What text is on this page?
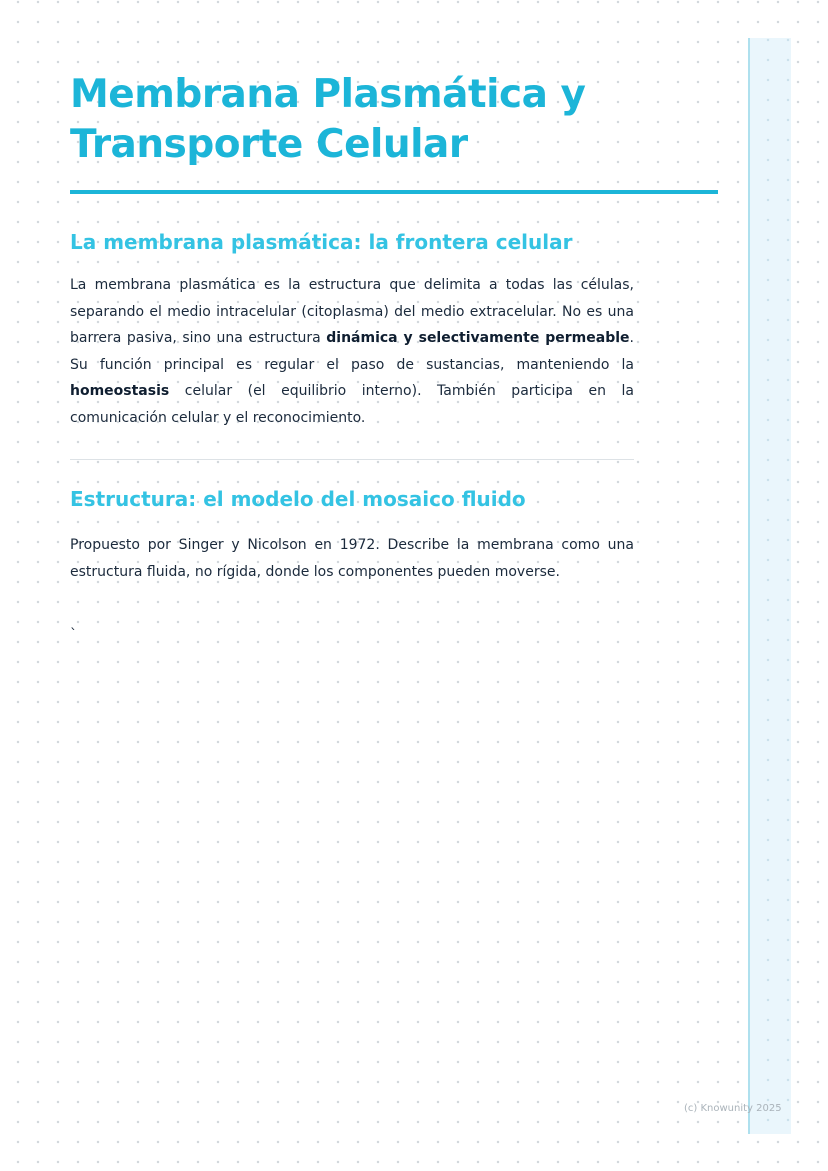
Membrana Plasmática y
Transporte Celular
La membrana plasmática: la frontera celular

La membrana plasmática es la estructura que delimita a todas las células, separando el medio intracelular (citoplasma) del medio extracelular. No es una barrera pasiva, sino una estructura dinámica y selectivamente permeable. Su función principal es regular el paso de sustancias, manteniendo la homeostasis celular (el equilibrio interno). También participa en la comunicación celular y el reconocimiento.

Estructura: el modelo del mosaico fluido

Propuesto por Singer y Nicolson en 1972. Describe la membrana como una estructura fluida, no rígida, donde los componentes pueden moverse.

`
(c) Knowunity 2025
